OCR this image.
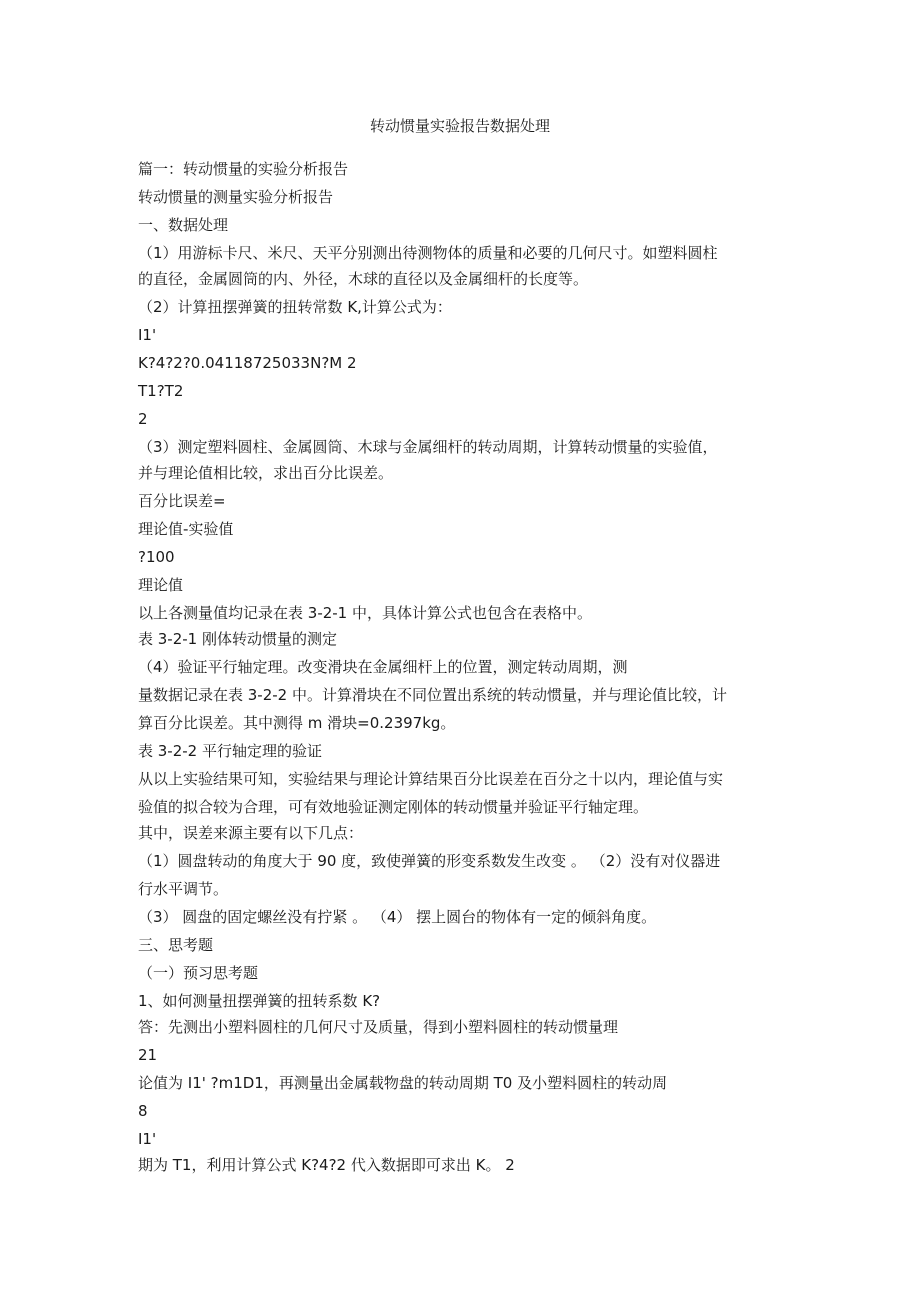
转动惯量实验报告数据处理
篇一：转动惯量的实验分析报告
转动惯量的测量实验分析报告
一、数据处理
（1）用游标卡尺、米尺、天平分别测出待测物体的质量和必要的几何尺寸。如塑料圆柱
的直径，金属圆筒的内、外径，木球的直径以及金属细杆的长度等。
（2）计算扭摆弹簧的扭转常数 K,计算公式为：
I1'
K?4?2?0.04118725033N?M 2
T1?T2
2
（3）测定塑料圆柱、金属圆筒、木球与金属细杆的转动周期，计算转动惯量的实验值，
并与理论值相比较，求出百分比误差。
百分比误差=
理论值-实验值
?100
理论值
以上各测量值均记录在表 3-2-1 中，具体计算公式也包含在表格中。
表 3-2-1 刚体转动惯量的测定
（4）验证平行轴定理。改变滑块在金属细杆上的位置，测定转动周期，测
量数据记录在表 3-2-2 中。计算滑块在不同位置出系统的转动惯量，并与理论值比较，计
算百分比误差。其中测得 m 滑块=0.2397kg。
表 3-2-2 平行轴定理的验证
从以上实验结果可知，实验结果与理论计算结果百分比误差在百分之十以内，理论值与实
验值的拟合较为合理，可有效地验证测定刚体的转动惯量并验证平行轴定理。
其中，误差来源主要有以下几点：
（1）圆盘转动的角度大于 90 度，致使弹簧的形变系数发生改变 。 （2）没有对仪器进
行水平调节。
（3） 圆盘的固定螺丝没有拧紧 。 （4） 摆上圆台的物体有一定的倾斜角度。
三、思考题
（一）预习思考题
1、如何测量扭摆弹簧的扭转系数 K?
答：先测出小塑料圆柱的几何尺寸及质量，得到小塑料圆柱的转动惯量理
21
论值为 I1' ?m1D1，再测量出金属载物盘的转动周期 T0 及小塑料圆柱的转动周
8
I1'
期为 T1，利用计算公式 K?4?2 代入数据即可求出 K。 2
